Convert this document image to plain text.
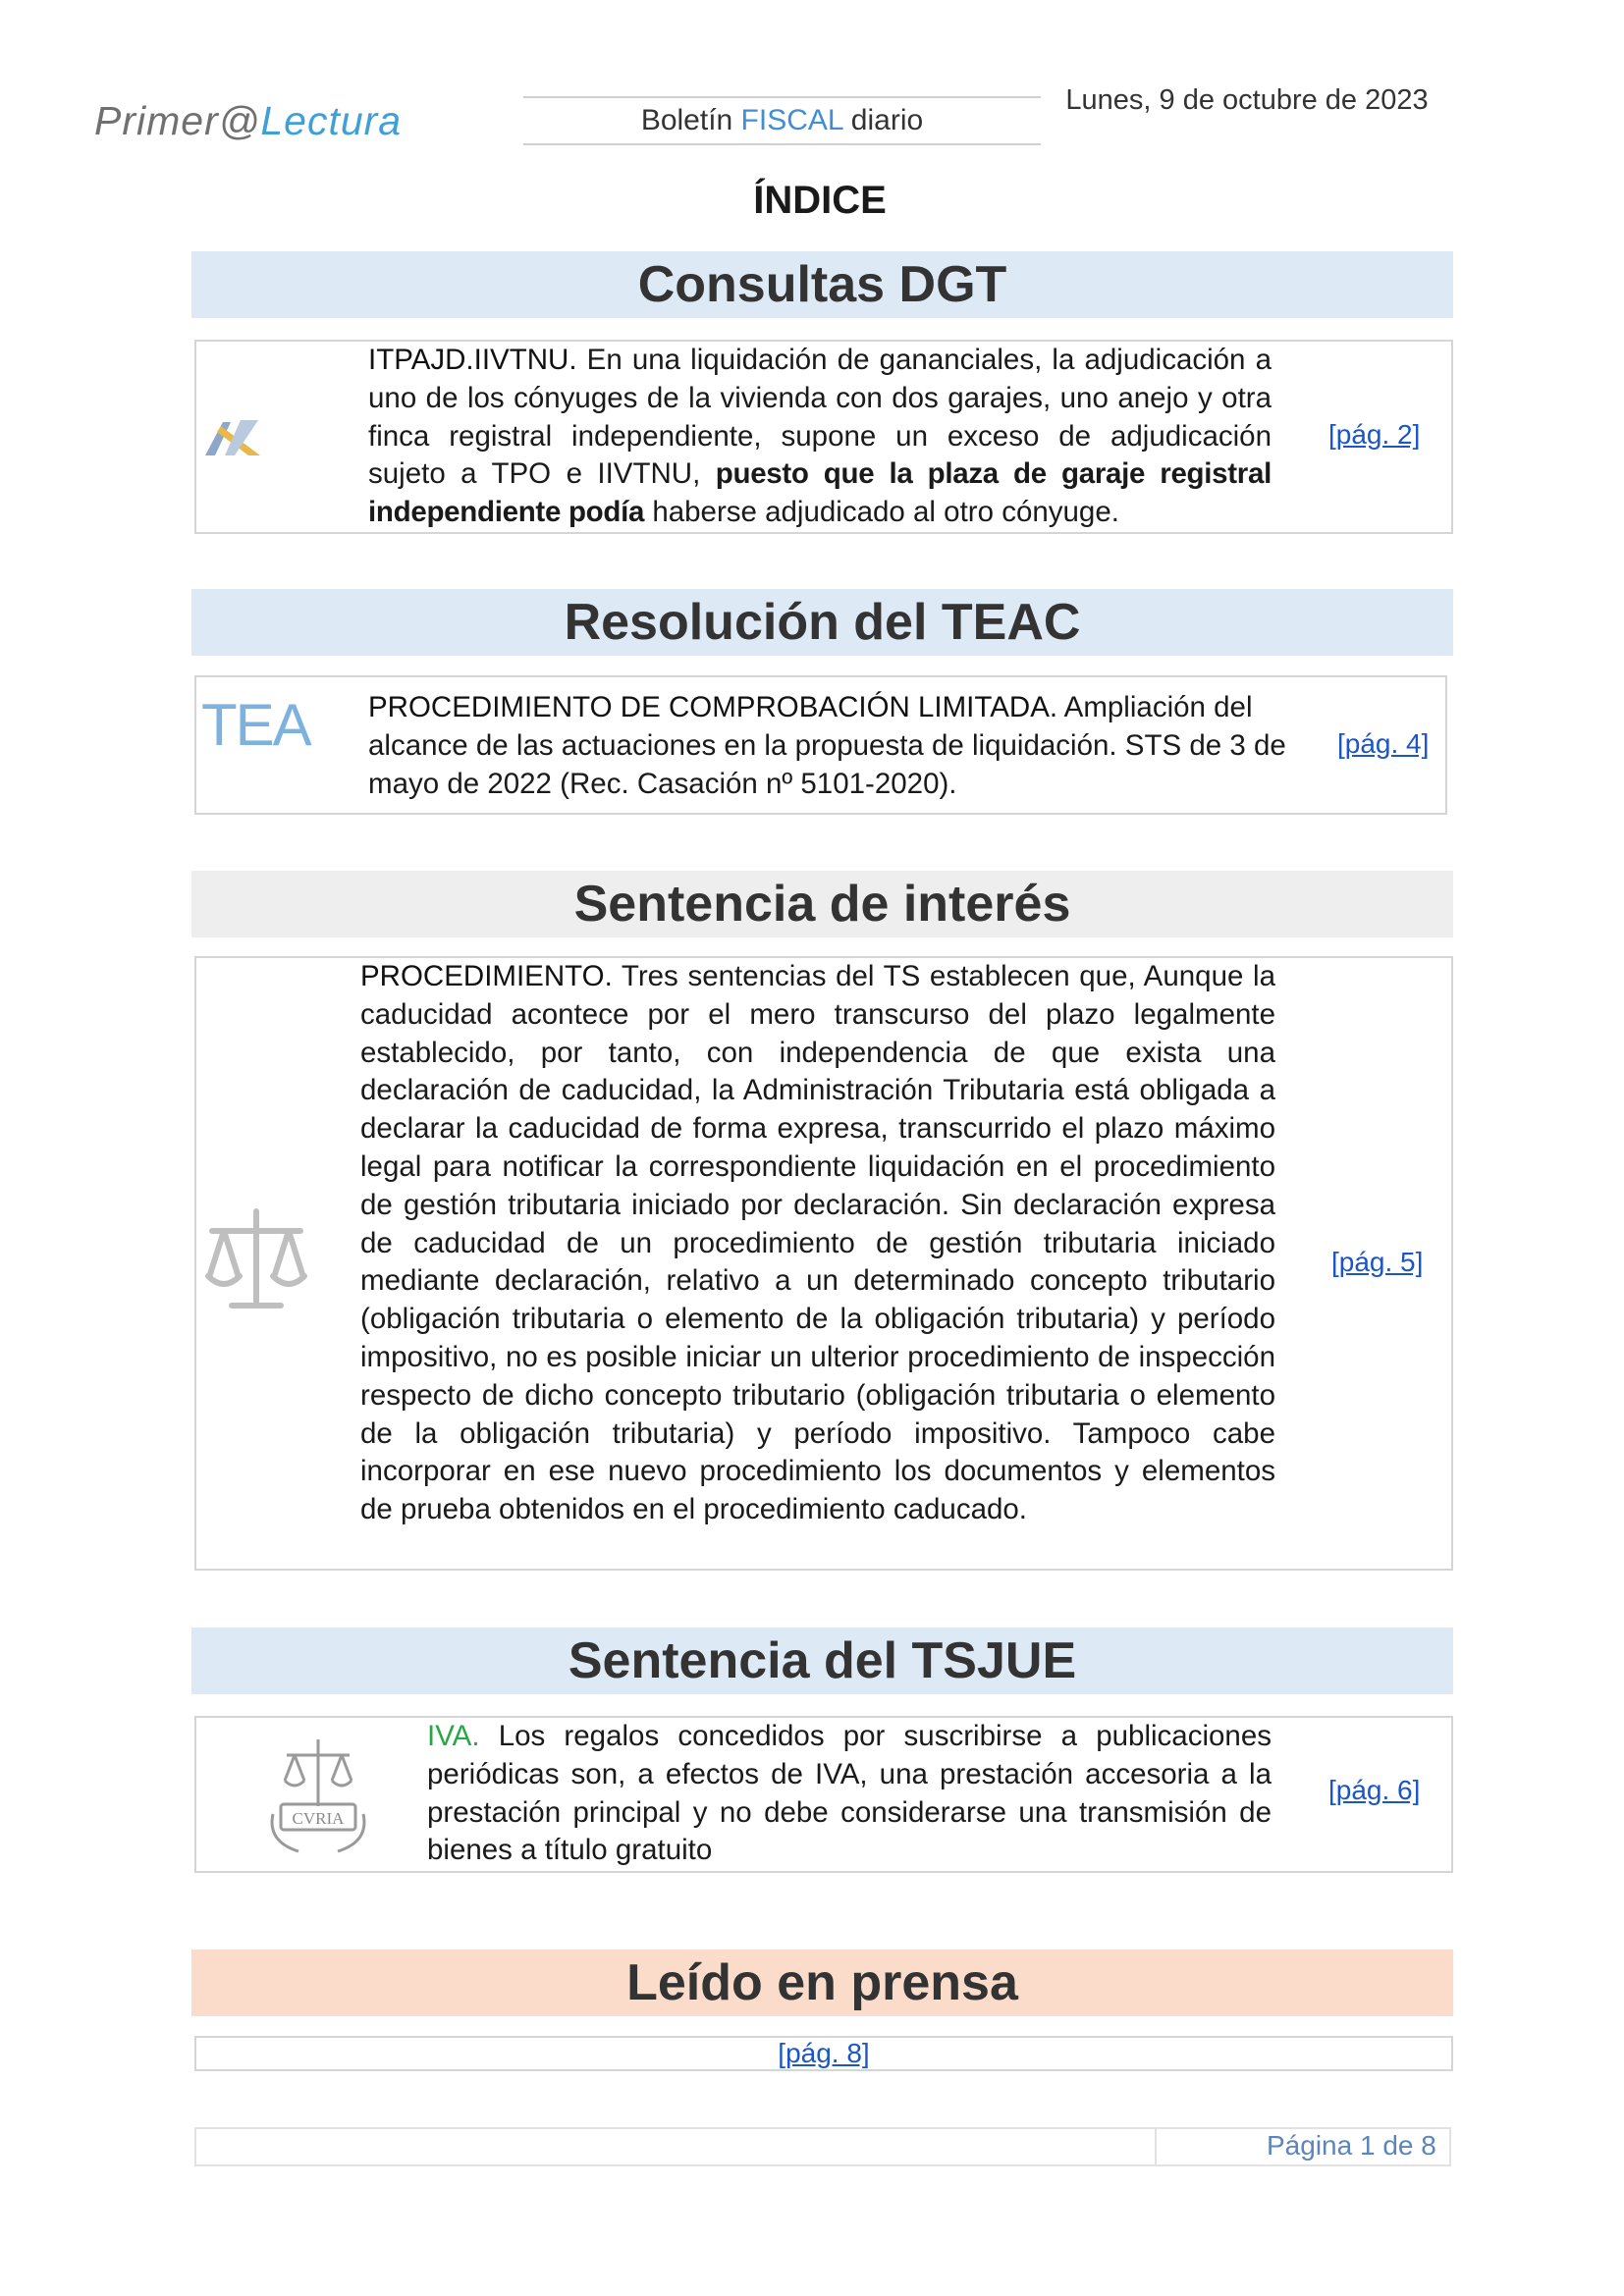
Primer@Lectura	Boletín FISCAL diario
Lunes, 9 de octubre de 2023
ÍNDICE
Consultas DGT
ITPAJD.IIVTNU. En una liquidación de gananciales, la adjudicación a uno de los cónyuges de la vivienda con dos garajes, uno anejo y otra finca registral independiente, supone un exceso de adjudicación sujeto a TPO e IIVTNU, puesto que la plaza de garaje registral independiente podía haberse adjudicado al otro cónyuge.
[pág. 2]
Resolución del TEAC
TEA PROCEDIMIENTO DE COMPROBACIÓN LIMITADA. Ampliación del alcance de las actuaciones en la propuesta de liquidación. STS de 3 de mayo de 2022 (Rec. Casación nº 5101-2020).
[pág. 4]
Sentencia de interés
PROCEDIMIENTO. Tres sentencias del TS establecen que, Aunque la caducidad acontece por el mero transcurso del plazo legalmente establecido, por tanto, con independencia de que exista una declaración de caducidad, la Administración Tributaria está obligada a declarar la caducidad de forma expresa, transcurrido el plazo máximo legal para notificar la correspondiente liquidación en el procedimiento de gestión tributaria iniciado por declaración. Sin declaración expresa de caducidad de un procedimiento de gestión tributaria iniciado mediante declaración, relativo a un determinado concepto tributario (obligación tributaria o elemento de la obligación tributaria) y período impositivo, no es posible iniciar un ulterior procedimiento de inspección respecto de dicho concepto tributario (obligación tributaria o elemento de la obligación tributaria) y período impositivo. Tampoco cabe incorporar en ese nuevo procedimiento los documentos y elementos de prueba obtenidos en el procedimiento caducado.
[pág. 5]
Sentencia del TSJUE
CVRIA
IVA. Los regalos concedidos por suscribirse a publicaciones periódicas son, a efectos de IVA, una prestación accesoria a la prestación principal y no debe considerarse una transmisión de bienes a título gratuito
[pág. 6]
Leído en prensa
[pág. 8]
Página 1 de 8
